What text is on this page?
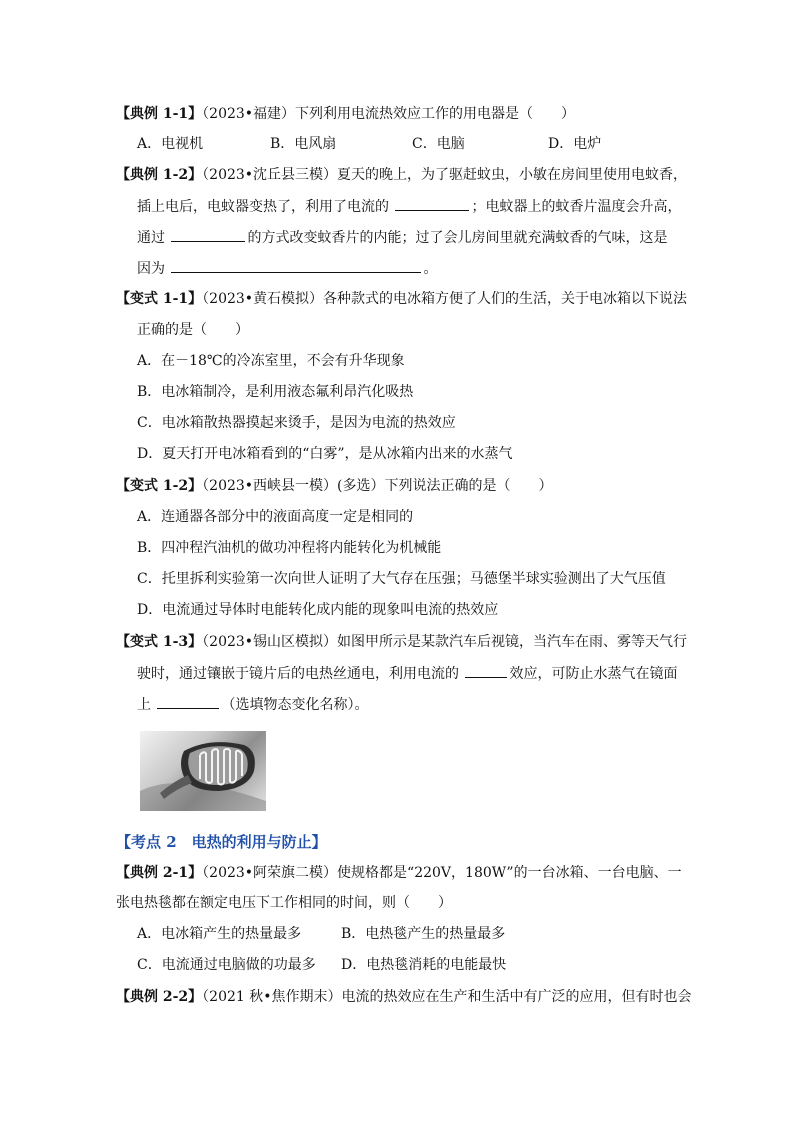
【典例 1-1】（2023•福建）下列利用电流热效应工作的用电器是（　　）
A．电视机	B．电风扇	C．电脑	D．电炉
【典例 1-2】（2023•沈丘县三模）夏天的晚上，为了驱赶蚊虫，小敏在房间里使用电蚊香，
插上电后，电蚊器变热了，利用了电流的	；电蚊器上的蚊香片温度会升高，
通过	的方式改变蚊香片的内能；过了会儿房间里就充满蚊香的气味，这是
因为	。
【变式 1-1】（2023•黄石模拟）各种款式的电冰箱方便了人们的生活，关于电冰箱以下说法
正确的是（　　）
A．在－18℃的冷冻室里，不会有升华现象
B．电冰箱制冷，是利用液态氟利昂汽化吸热
C．电冰箱散热器摸起来烫手，是因为电流的热效应
D．夏天打开电冰箱看到的“白雾”，是从冰箱内出来的水蒸气
【变式 1-2】（2023•西峡县一模）(多选）下列说法正确的是（　　）
A．连通器各部分中的液面高度一定是相同的
B．四冲程汽油机的做功冲程将内能转化为机械能
C．托里拆利实验第一次向世人证明了大气存在压强；马德堡半球实验测出了大气压值
D．电流通过导体时电能转化成内能的现象叫电流的热效应
【变式 1-3】（2023•锡山区模拟）如图甲所示是某款汽车后视镜，当汽车在雨、雾等天气行
驶时，通过镶嵌于镜片后的电热丝通电，利用电流的	效应，可防止水蒸气在镜面
上	（选填物态变化名称）。
【考点 2　电热的利用与防止】
【典例 2-1】（2023•阿荣旗二模）使规格都是“220V，180W”的一台冰箱、一台电脑、一
张电热毯都在额定电压下工作相同的时间，则（　　）
A．电冰箱产生的热量最多	B．电热毯产生的热量最多
C．电流通过电脑做的功最多 D．电热毯消耗的电能最快
【典例 2-2】（2021 秋•焦作期末）电流的热效应在生产和生活中有广泛的应用，但有时也会
